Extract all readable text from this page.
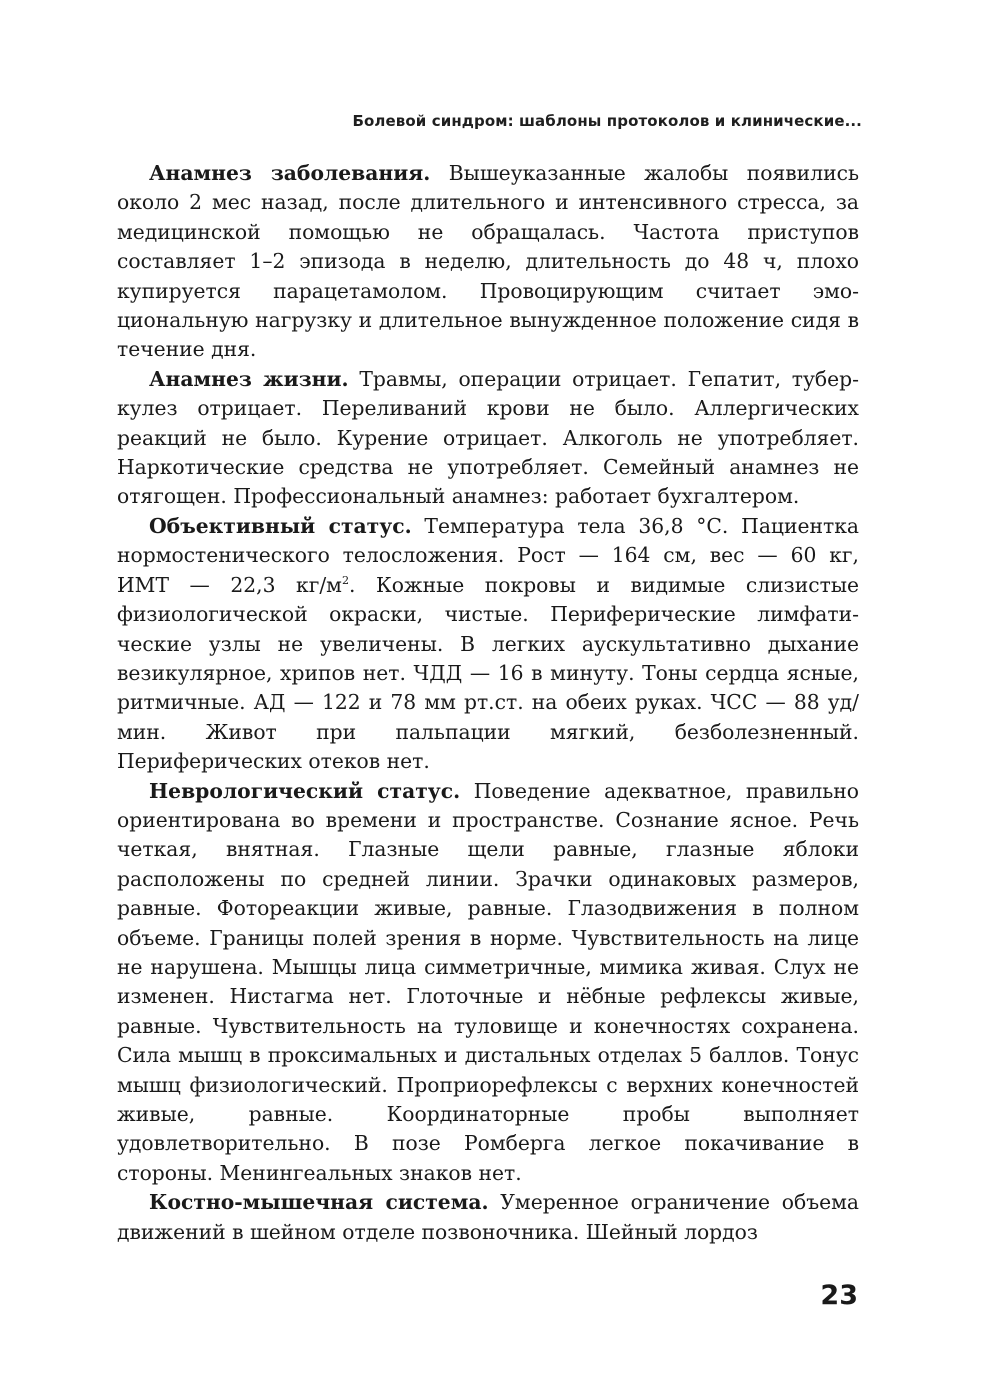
Болевой синдром: шаблоны протоколов и клинические...

Анамнез заболевания. Вышеуказанные жалобы появились около 2 мес назад, после длительного и интенсивного стресса, за медицинской помощью не обращалась. Частота приступов составляет 1–2 эпизода в неделю, длительность до 48 ч, плохо купируется парацетамолом. Провоцирующим считает эмоциональную нагрузку и длительное вынужденное положение сидя в течение дня.

Анамнез жизни. Травмы, операции отрицает. Гепатит, туберкулез отрицает. Переливаний крови не было. Аллергических реакций не было. Курение отрицает. Алкоголь не употребляет. Наркотические средства не употребляет. Семейный анамнез не отягощен. Профессиональный анамнез: работает бухгалтером.

Объективный статус. Температура тела 36,8 °С. Пациентка нормостенического телосложения. Рост — 164 см, вес — 60 кг, ИМТ — 22,3 $кг/м^2$. Кожные покровы и видимые слизистые физиологической окраски, чистые. Периферические лимфатические узлы не увеличены. В легких аускультативно дыхание везикулярное, хрипов нет. ЧДД — 16 в минуту. Тоны сердца ясные, ритмичные. АД — 122 и 78 мм рт.ст. на обеих руках. ЧСС — 88 уд/мин. Живот при пальпации мягкий, безболезненный. Периферических отеков нет.

Неврологический статус. Поведение адекватное, правильно ориентирована во времени и пространстве. Сознание ясное. Речь четкая, внятная. Глазные щели равные, глазные яблоки расположены по средней линии. Зрачки одинаковых размеров, равные. Фотореакции живые, равные. Глазодвижения в полном объеме. Границы полей зрения в норме. Чувствительность на лице не нарушена. Мышцы лица симметричные, мимика живая. Слух не изменен. Нистагма нет. Глоточные и нёбные рефлексы живые, равные. Чувствительность на туловище и конечностях сохранена. Сила мышц в проксимальных и дистальных отделах 5 баллов. Тонус мышц физиологический. Проприорефлексы с верхних конечностей живые, равные. Координаторные пробы выполняет удовлетворительно. В позе Ромберга легкое покачивание в стороны. Менингеальных знаков нет.

Костно-мышечная система. Умеренное ограничение объема движений в шейном отделе позвоночника. Шейный лордоз

23
